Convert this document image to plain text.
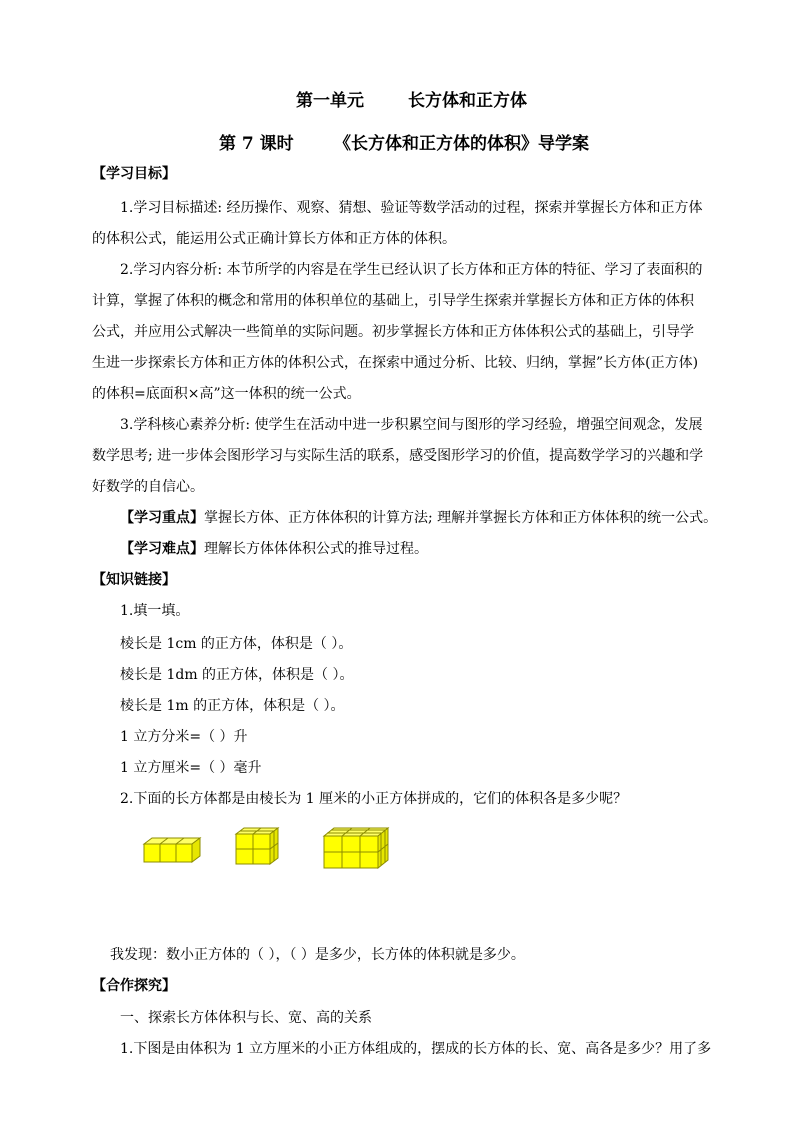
第一单元	长方体和正方体
第 7 课时 《长方体和正方体的体积》导学案
【学习目标】
1.学习目标描述: 经历操作、观察、猜想、验证等数学活动的过程，探索并掌握长方体和正方体
的体积公式，能运用公式正确计算长方体和正方体的体积。
2.学习内容分析: 本节所学的内容是在学生已经认识了长方体和正方体的特征、学习了表面积的
计算，掌握了体积的概念和常用的体积单位的基础上，引导学生探索并掌握长方体和正方体的体积
公式，并应用公式解决一些简单的实际问题。初步掌握长方体和正方体体积公式的基础上，引导学
生进一步探索长方体和正方体的体积公式，在探索中通过分析、比较、归纳，掌握”长方体(正方体)
的体积=底面积×高”这一体积的统一公式。
3.学科核心素养分析: 使学生在活动中进一步积累空间与图形的学习经验，增强空间观念，发展
数学思考; 进一步体会图形学习与实际生活的联系，感受图形学习的价值，提高数学学习的兴趣和学
好数学的自信心。
【学习重点】掌握长方体、正方体体积的计算方法; 理解并掌握长方体和正方体体积的统一公式。
【学习难点】理解长方体体体积公式的推导过程。
【知识链接】
1.填一填。
棱长是 1cm 的正方体，体积是（ ）。
棱长是 1dm 的正方体，体积是（ ）。
棱长是 1m 的正方体，体积是（ ）。
1 立方分米=（ ）升
1 立方厘米=（ ）毫升
2.下面的长方体都是由棱长为 1 厘米的小正方体拼成的，它们的体积各是多少呢？
我发现：数小正方体的（ ），（ ）是多少，长方体的体积就是多少。
【合作探究】
一、探索长方体体积与长、宽、高的关系
1.下图是由体积为 1 立方厘米的小正方体组成的，摆成的长方体的长、宽、高各是多少？用了多
